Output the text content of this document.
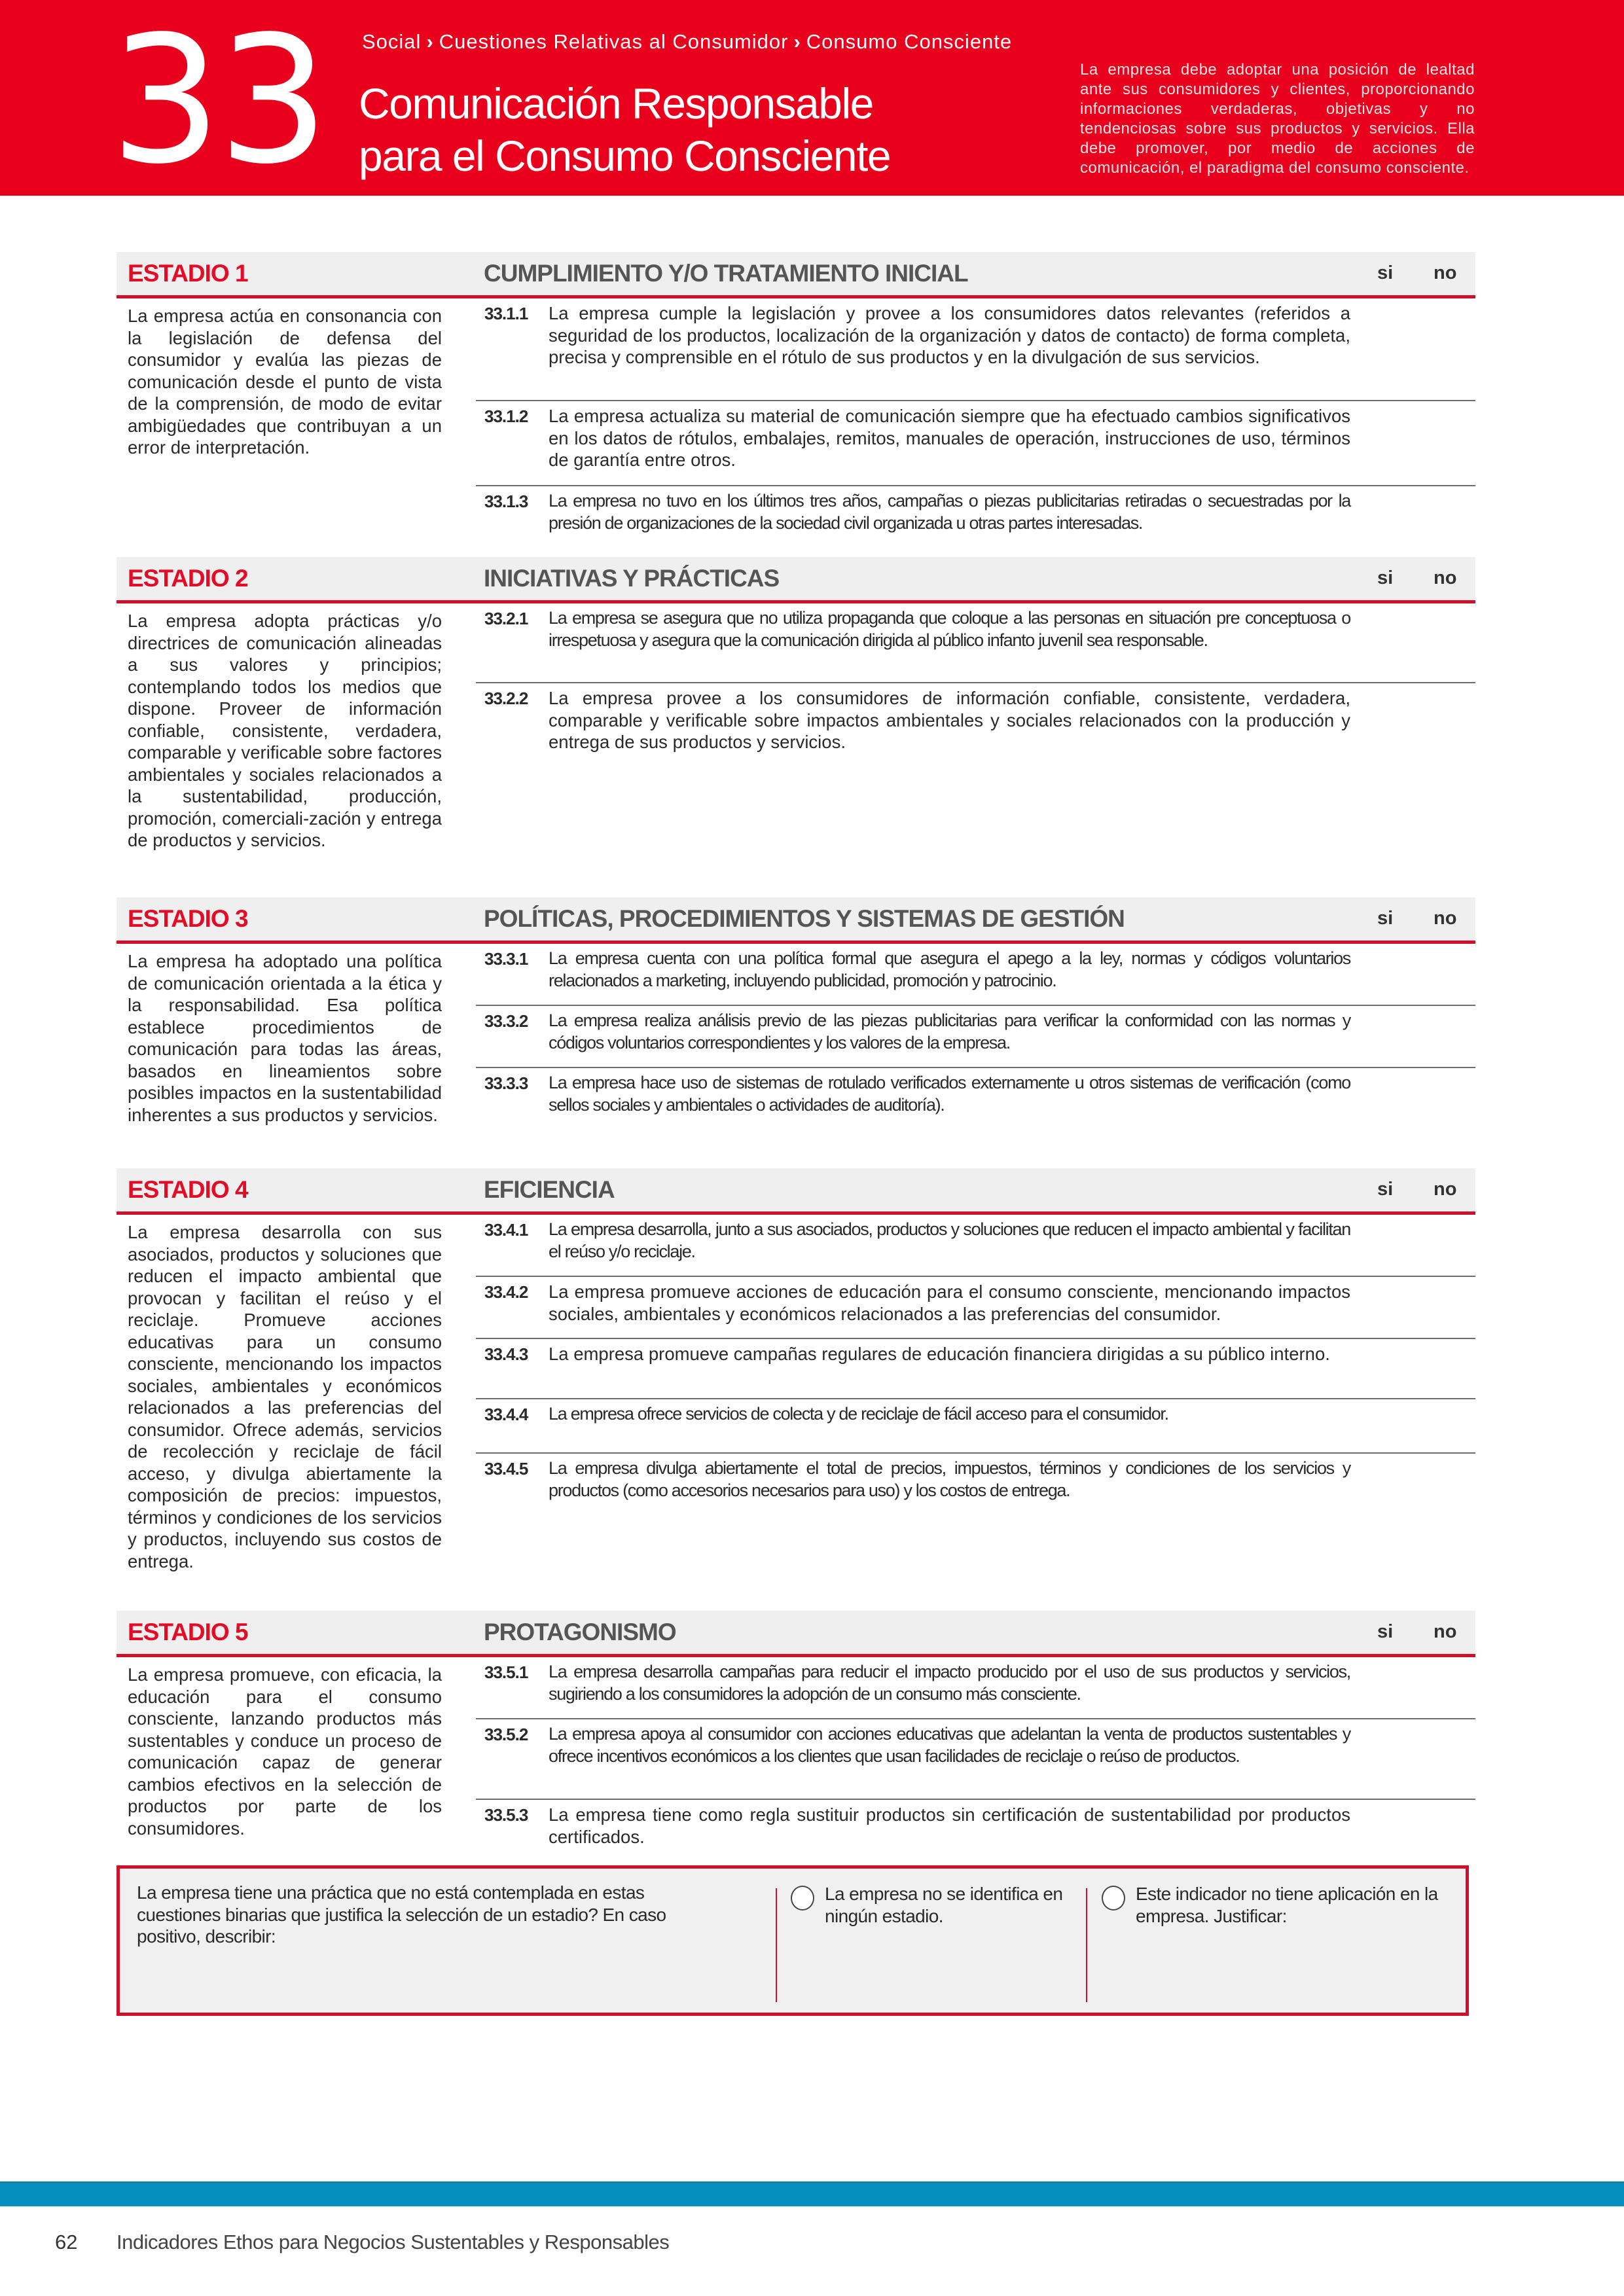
33 Social › Cuestiones Relativas al Consumidor › Consumo Consciente
Comunicación Responsable
para el Consumo Consciente
La empresa debe adoptar una posición de lealtad ante sus consumidores y clientes, proporcionando informaciones verdaderas, objetivas y no tendenciosas sobre sus productos y servicios. Ella debe promover, por medio de acciones de comunicación, el paradigma del consumo consciente.
ESTADIO 1	CUMPLIMIENTO Y/O TRATAMIENTO INICIAL	si no
La empresa actúa en consonancia con la legislación de defensa del consumidor y evalúa las piezas de comunicación desde el punto de vista de la comprensión, de modo de evitar ambigüedades que contribuyan a un error de interpretación.
33.1.1 La empresa cumple la legislación y provee a los consumidores datos relevantes (referidos a seguridad de los productos, localización de la organización y datos de contacto) de forma completa, precisa y comprensible en el rótulo de sus productos y en la divulgación de sus servicios.
33.1.2 La empresa actualiza su material de comunicación siempre que ha efectuado cambios significativos en los datos de rótulos, embalajes, remitos, manuales de operación, instrucciones de uso, términos de garantía entre otros.
33.1.3 La empresa no tuvo en los últimos tres años, campañas o piezas publicitarias retiradas o secuestradas por la presión de organizaciones de la sociedad civil organizada u otras partes interesadas.
ESTADIO 2	INICIATIVAS Y PRÁCTICAS	si no
La empresa adopta prácticas y/o directrices de comunicación alineadas a sus valores y principios; contemplando todos los medios que dispone. Proveer de información confiable, consistente, verdadera, comparable y verificable sobre factores ambientales y sociales relacionados a la sustentabilidad, producción, promoción, comerciali-zación y entrega de productos y servicios.
33.2.1 La empresa se asegura que no utiliza propaganda que coloque a las personas en situación pre conceptuosa o irrespetuosa y asegura que la comunicación dirigida al público infanto juvenil sea responsable.
33.2.2 La empresa provee a los consumidores de información confiable, consistente, verdadera, comparable y verificable sobre impactos ambientales y sociales relacionados con la producción y entrega de sus productos y servicios.
ESTADIO 3	POLÍTICAS, PROCEDIMIENTOS Y SISTEMAS DE GESTIÓN	si no
La empresa ha adoptado una política de comunicación orientada a la ética y la responsabilidad. Esa política establece procedimientos de comunicación para todas las áreas, basados en lineamientos sobre posibles impactos en la sustentabilidad inherentes a sus productos y servicios.
33.3.1 La empresa cuenta con una política formal que asegura el apego a la ley, normas y códigos voluntarios relacionados a marketing, incluyendo publicidad, promoción y patrocinio.
33.3.2 La empresa realiza análisis previo de las piezas publicitarias para verificar la conformidad con las normas y códigos voluntarios correspondientes y los valores de la empresa.
33.3.3 La empresa hace uso de sistemas de rotulado verificados externamente u otros sistemas de verificación (como sellos sociales y ambientales o actividades de auditoría).
ESTADIO 4	EFICIENCIA	si no
La empresa desarrolla con sus asociados, productos y soluciones que reducen el impacto ambiental que provocan y facilitan el reúso y el reciclaje. Promueve acciones educativas para un consumo consciente, mencionando los impactos sociales, ambientales y económicos relacionados a las preferencias del consumidor. Ofrece además, servicios de recolección y reciclaje de fácil acceso, y divulga abiertamente la composición de precios: impuestos, términos y condiciones de los servicios y productos, incluyendo sus costos de entrega.
33.4.1 La empresa desarrolla, junto a sus asociados, productos y soluciones que reducen el impacto ambiental y facilitan el reúso y/o reciclaje.
33.4.2 La empresa promueve acciones de educación para el consumo consciente, mencionando impactos sociales, ambientales y económicos relacionados a las preferencias del consumidor.
33.4.3 La empresa promueve campañas regulares de educación financiera dirigidas a su público interno.
33.4.4 La empresa ofrece servicios de colecta y de reciclaje de fácil acceso para el consumidor.
33.4.5 La empresa divulga abiertamente el total de precios, impuestos, términos y condiciones de los servicios y productos (como accesorios necesarios para uso) y los costos de entrega.
ESTADIO 5	PROTAGONISMO	si no
La empresa promueve, con eficacia, la educación para el consumo consciente, lanzando productos más sustentables y conduce un proceso de comunicación capaz de generar cambios efectivos en la selección de productos por parte de los consumidores.
33.5.1 La empresa desarrolla campañas para reducir el impacto producido por el uso de sus productos y servicios, sugiriendo a los consumidores la adopción de un consumo más consciente.
33.5.2 La empresa apoya al consumidor con acciones educativas que adelantan la venta de productos sustentables y ofrece incentivos económicos a los clientes que usan facilidades de reciclaje o reúso de productos.
33.5.3 La empresa tiene como regla sustituir productos sin certificación de sustentabilidad por productos certificados.
La empresa tiene una práctica que no está contemplada en estas cuestiones binarias que justifica la selección de un estadio? En caso positivo, describir:
La empresa no se identifica en ningún estadio.
Este indicador no tiene aplicación en la empresa. Justificar:
62 Indicadores Ethos para Negocios Sustentables y Responsables
